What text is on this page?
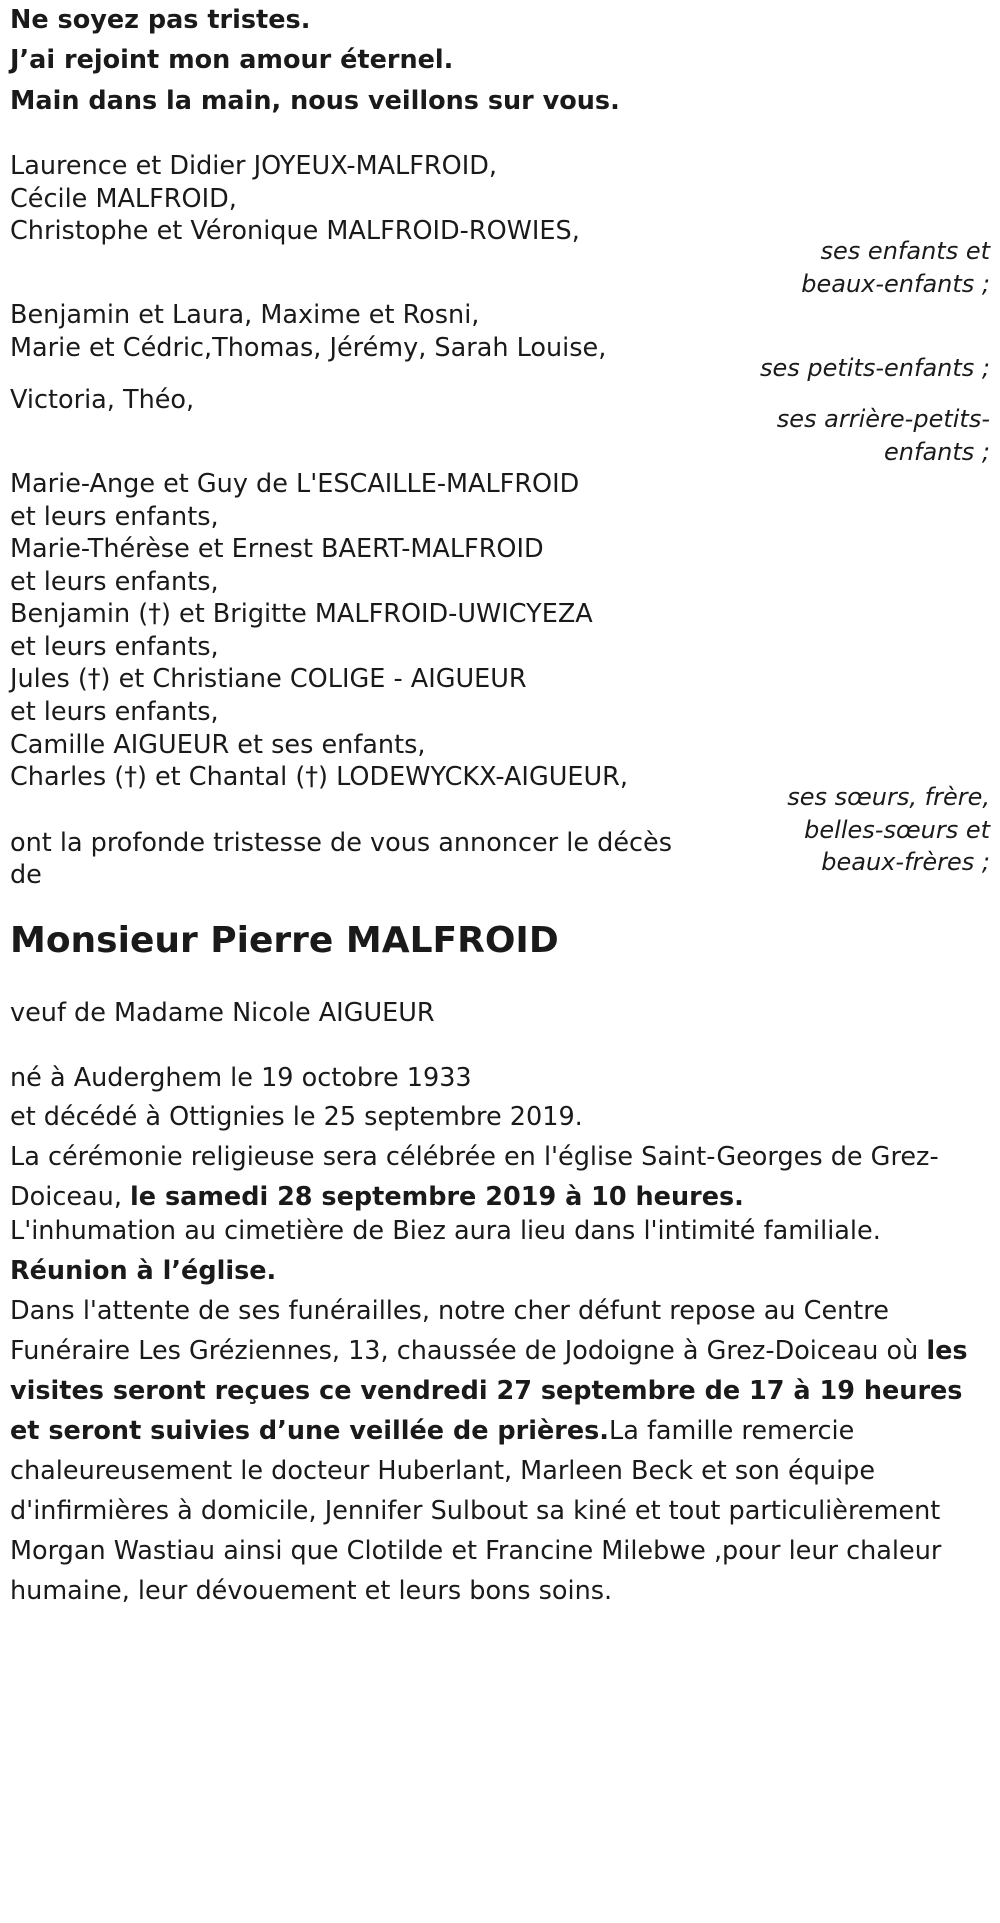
Ne soyez pas tristes.
J’ai rejoint mon amour éternel.
Main dans la main, nous veillons sur vous.
Laurence et Didier JOYEUX-MALFROID,
Cécile MALFROID,
Christophe et Véronique MALFROID-ROWIES,
ses enfants et
beaux-enfants ;
Benjamin et Laura, Maxime et Rosni,
Marie et Cédric,Thomas, Jérémy, Sarah Louise,
ses petits-enfants ;
Victoria, Théo,
ses arrière-petits-
enfants ;
Marie-Ange et Guy de L'ESCAILLE-MALFROID
et leurs enfants,
Marie-Thérèse et Ernest BAERT-MALFROID
et leurs enfants,
Benjamin (†) et Brigitte MALFROID-UWICYEZA
et leurs enfants,
Jules (†) et Christiane COLIGE - AIGUEUR
et leurs enfants,
Camille AIGUEUR et ses enfants,
Charles (†) et Chantal (†) LODEWYCKX-AIGUEUR,
ses sœurs, frère,
belles-sœurs et
beaux-frères ;
ont la profonde tristesse de vous annoncer le décès
de
Monsieur Pierre MALFROID
veuf de Madame Nicole AIGUEUR
né à Auderghem le 19 octobre 1933
et décédé à Ottignies le 25 septembre 2019.
La cérémonie religieuse sera célébrée en l'église Saint-Georges de Grez-Doiceau, le samedi 28 septembre 2019 à 10 heures.
L'inhumation au cimetière de Biez aura lieu dans l'intimité familiale.
Réunion à l’église.
Dans l'attente de ses funérailles, notre cher défunt repose au Centre Funéraire Les Gréziennes, 13, chaussée de Jodoigne à Grez-Doiceau où les visites seront reçues ce vendredi 27 septembre de 17 à 19 heures et seront suivies d’une veillée de prières.La famille remercie chaleureusement le docteur Huberlant, Marleen Beck et son équipe d'infirmières à domicile, Jennifer Sulbout sa kiné et tout particulièrement Morgan Wastiau ainsi que Clotilde et Francine Milebwe ,pour leur chaleur humaine, leur dévouement et leurs bons soins.
